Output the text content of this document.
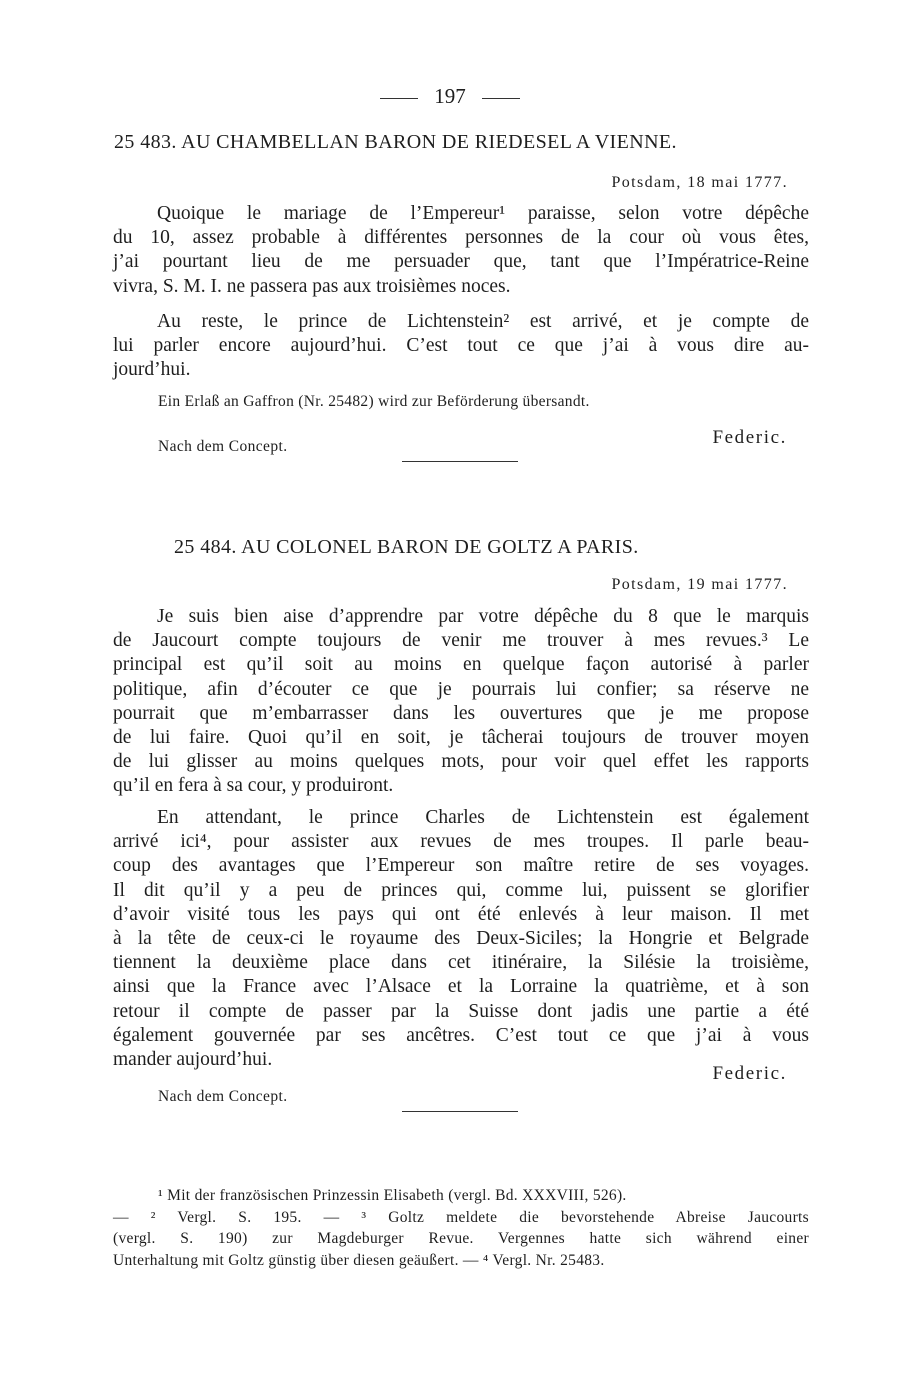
197
25 483. AU CHAMBELLAN BARON DE RIEDESEL A VIENNE.
Potsdam, 18 mai 1777.
Quoique le mariage de l’Empereur¹ paraisse, selon votre dépêche
du 10, assez probable à différentes personnes de la cour où vous êtes,
j’ai pourtant lieu de me persuader que, tant que l’Impératrice-Reine
vivra, S. M. I. ne passera pas aux troisièmes noces.
Au reste, le prince de Lichtenstein² est arrivé, et je compte de
lui parler encore aujourd’hui. C’est tout ce que j’ai à vous dire au-
jourd’hui.
Ein Erlaß an Gaffron (Nr. 25482) wird zur Beförderung übersandt.
Nach dem Concept.	Federic.
25 484. AU COLONEL BARON DE GOLTZ A PARIS.
Potsdam, 19 mai 1777.
Je suis bien aise d’apprendre par votre dépêche du 8 que le marquis
de Jaucourt compte toujours de venir me trouver à mes revues.³ Le
principal est qu’il soit au moins en quelque façon autorisé à parler
politique, afin d’écouter ce que je pourrais lui confier; sa réserve ne
pourrait que m’embarrasser dans les ouvertures que je me propose
de lui faire. Quoi qu’il en soit, je tâcherai toujours de trouver moyen
de lui glisser au moins quelques mots, pour voir quel effet les rapports
qu’il en fera à sa cour, y produiront.
En attendant, le prince Charles de Lichtenstein est également
arrivé ici⁴, pour assister aux revues de mes troupes. Il parle beau-
coup des avantages que l’Empereur son maître retire de ses voyages.
Il dit qu’il y a peu de princes qui, comme lui, puissent se glorifier
d’avoir visité tous les pays qui ont été enlevés à leur maison. Il met
à la tête de ceux-ci le royaume des Deux-Siciles; la Hongrie et Belgrade
tiennent la deuxième place dans cet itinéraire, la Silésie la troisième,
ainsi que la France avec l’Alsace et la Lorraine la quatrième, et à son
retour il compte de passer par la Suisse dont jadis une partie a été
également gouvernée par ses ancêtres. C’est tout ce que j’ai à vous
mander aujourd’hui.
Federic.
Nach dem Concept.
¹ Mit der französischen Prinzessin Elisabeth (vergl. Bd. XXXVIII, 526).
— ² Vergl. S. 195. — ³ Goltz meldete die bevorstehende Abreise Jaucourts
(vergl. S. 190) zur Magdeburger Revue. Vergennes hatte sich während einer
Unterhaltung mit Goltz günstig über diesen geäußert. — ⁴ Vergl. Nr. 25483.
